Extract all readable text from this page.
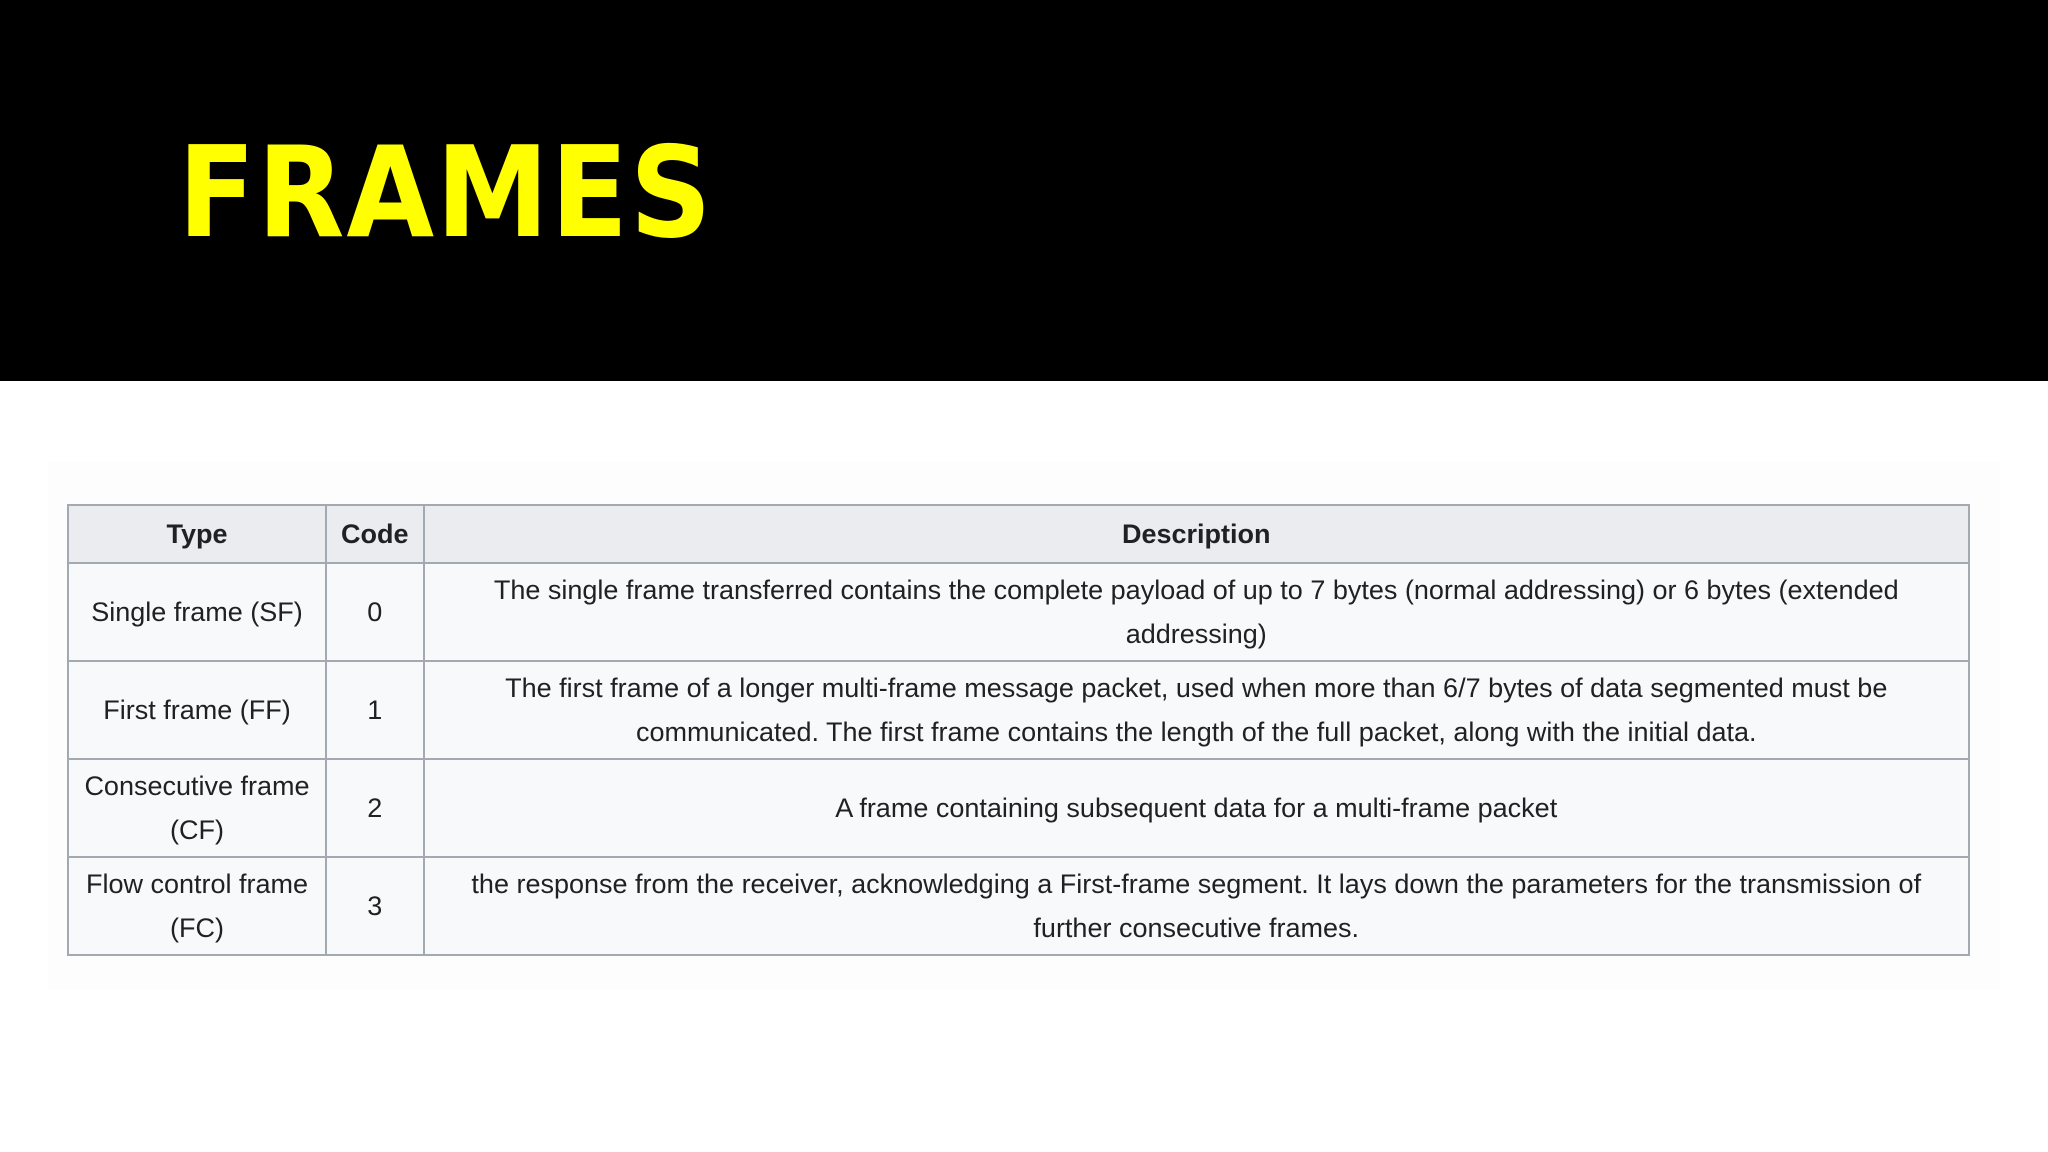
FRAMES
Type	Code	Description
Single frame (SF)	0	The single frame transferred contains the complete payload of up to 7 bytes (normal addressing) or 6 bytes (extended addressing)
First frame (FF)	1	The first frame of a longer multi-frame message packet, used when more than 6/7 bytes of data segmented must be communicated. The first frame contains the length of the full packet, along with the initial data.
Consecutive frame (CF)	2	A frame containing subsequent data for a multi-frame packet
Flow control frame (FC)	3	the response from the receiver, acknowledging a First-frame segment. It lays down the parameters for the transmission of further consecutive frames.
